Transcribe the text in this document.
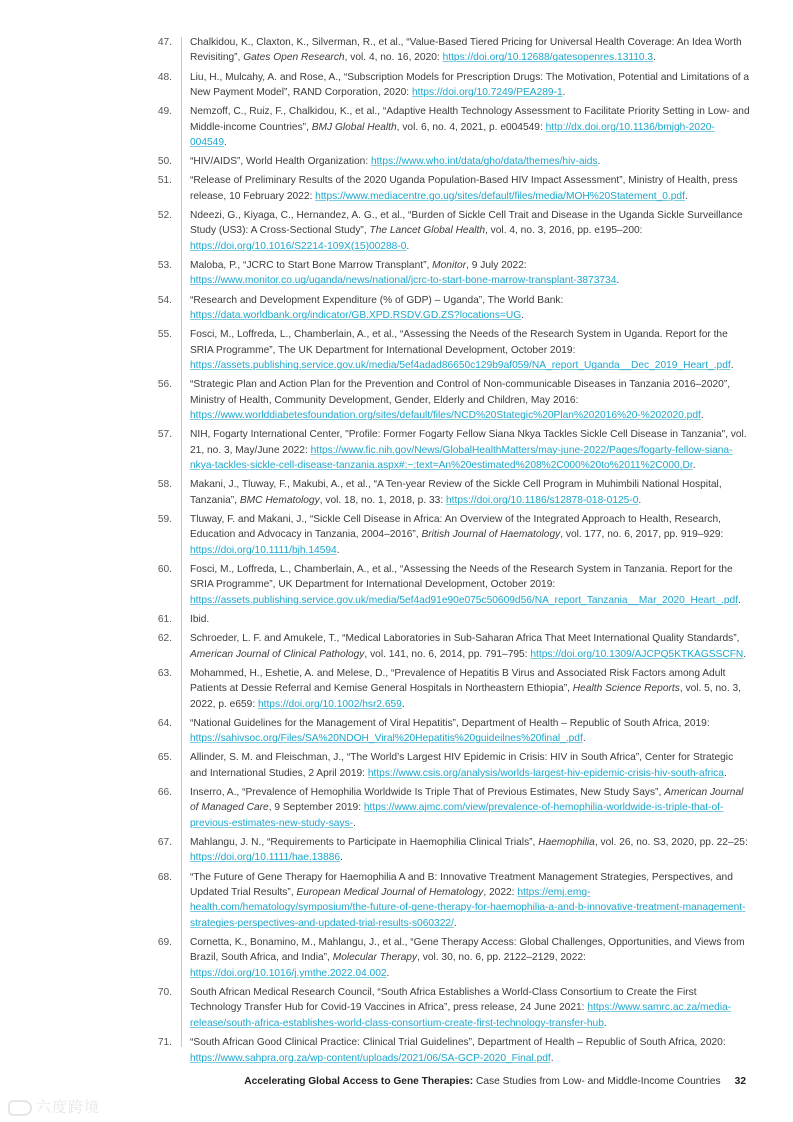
47. Chalkidou, K., Claxton, K., Silverman, R., et al., “Value-Based Tiered Pricing for Universal Health Coverage: An Idea Worth Revisiting”, Gates Open Research, vol. 4, no. 16, 2020: https://doi.org/10.12688/gatesopenres.13110.3.
48. Liu, H., Mulcahy, A. and Rose, A., “Subscription Models for Prescription Drugs: The Motivation, Potential and Limitations of a New Payment Model”, RAND Corporation, 2020: https://doi.org/10.7249/PEA289-1.
49. Nemzoff, C., Ruiz, F., Chalkidou, K., et al., “Adaptive Health Technology Assessment to Facilitate Priority Setting in Low- and Middle-income Countries”, BMJ Global Health, vol. 6, no. 4, 2021, p. e004549: http://dx.doi.org/10.1136/bmjgh-2020-004549.
50. “HIV/AIDS”, World Health Organization: https://www.who.int/data/gho/data/themes/hiv-aids.
51. “Release of Preliminary Results of the 2020 Uganda Population-Based HIV Impact Assessment”, Ministry of Health, press release, 10 February 2022: https://www.mediacentre.go.ug/sites/default/files/media/MOH%20Statement_0.pdf.
52. Ndeezi, G., Kiyaga, C., Hernandez, A. G., et al., “Burden of Sickle Cell Trait and Disease in the Uganda Sickle Surveillance Study (US3): A Cross-Sectional Study”, The Lancet Global Health, vol. 4, no. 3, 2016, pp. e195–200: https://doi.org/10.1016/S2214-109X(15)00288-0.
53. Maloba, P., “JCRC to Start Bone Marrow Transplant”, Monitor, 9 July 2022: https://www.monitor.co.ug/uganda/news/national/jcrc-to-start-bone-marrow-transplant-3873734.
54. “Research and Development Expenditure (% of GDP) – Uganda”, The World Bank: https://data.worldbank.org/indicator/GB.XPD.RSDV.GD.ZS?locations=UG.
55. Fosci, M., Loffreda, L., Chamberlain, A., et al., “Assessing the Needs of the Research System in Uganda. Report for the SRIA Programme”, The UK Department for International Development, October 2019: https://assets.publishing.service.gov.uk/media/5ef4adad86650c129b9af059/NA_report_Uganda__Dec_2019_Heart_.pdf.
56. “Strategic Plan and Action Plan for the Prevention and Control of Non-communicable Diseases in Tanzania 2016–2020”, Ministry of Health, Community Development, Gender, Elderly and Children, May 2016: https://www.worlddiabetesfoundation.org/sites/default/files/NCD%20Stategic%20Plan%202016%20-%202020.pdf.
57. NIH, Fogarty International Center, "Profile: Former Fogarty Fellow Siana Nkya Tackles Sickle Cell Disease in Tanzania", vol. 21, no. 3, May/June 2022: https://www.fic.nih.gov/News/GlobalHealthMatters/may-june-2022/Pages/fogarty-fellow-siana-nkya-tackles-sickle-cell-disease-tanzania.aspx#:~:text=An%20estimated%208%2C000%20to%2011%2C000,Dr.
58. Makani, J., Tluway, F., Makubi, A., et al., “A Ten-year Review of the Sickle Cell Program in Muhimbili National Hospital, Tanzania”, BMC Hematology, vol. 18, no. 1, 2018, p. 33: https://doi.org/10.1186/s12878-018-0125-0.
59. Tluway, F. and Makani, J., “Sickle Cell Disease in Africa: An Overview of the Integrated Approach to Health, Research, Education and Advocacy in Tanzania, 2004–2016”, British Journal of Haematology, vol. 177, no. 6, 2017, pp. 919–929: https://doi.org/10.1111/bjh.14594.
60. Fosci, M., Loffreda, L., Chamberlain, A., et al., “Assessing the Needs of the Research System in Tanzania. Report for the SRIA Programme”, UK Department for International Development, October 2019: https://assets.publishing.service.gov.uk/media/5ef4ad91e90e075c50609d56/NA_report_Tanzania__Mar_2020_Heart_.pdf.
61. Ibid.
62. Schroeder, L. F. and Amukele, T., “Medical Laboratories in Sub-Saharan Africa That Meet International Quality Standards”, American Journal of Clinical Pathology, vol. 141, no. 6, 2014, pp. 791–795: https://doi.org/10.1309/AJCPQ5KTKAGSSCFN.
63. Mohammed, H., Eshetie, A. and Melese, D., “Prevalence of Hepatitis B Virus and Associated Risk Factors among Adult Patients at Dessie Referral and Kemise General Hospitals in Northeastern Ethiopia”, Health Science Reports, vol. 5, no. 3, 2022, p. e659: https://doi.org/10.1002/hsr2.659.
64. “National Guidelines for the Management of Viral Hepatitis”, Department of Health – Republic of South Africa, 2019: https://sahivsoc.org/Files/SA%20NDOH_Viral%20Hepatitis%20guideilnes%20final_.pdf.
65. Allinder, S. M. and Fleischman, J., “The World’s Largest HIV Epidemic in Crisis: HIV in South Africa”, Center for Strategic and International Studies, 2 April 2019: https://www.csis.org/analysis/worlds-largest-hiv-epidemic-crisis-hiv-south-africa.
66. Inserro, A., “Prevalence of Hemophilia Worldwide Is Triple That of Previous Estimates, New Study Says”, American Journal of Managed Care, 9 September 2019: https://www.ajmc.com/view/prevalence-of-hemophilia-worldwide-is-triple-that-of-previous-estimates-new-study-says-.
67. Mahlangu, J. N., “Requirements to Participate in Haemophilia Clinical Trials”, Haemophilia, vol. 26, no. S3, 2020, pp. 22–25: https://doi.org/10.1111/hae.13886.
68. “The Future of Gene Therapy for Haemophilia A and B: Innovative Treatment Management Strategies, Perspectives, and Updated Trial Results”, European Medical Journal of Hematology, 2022: https://emj.emg-health.com/hematology/symposium/the-future-of-gene-therapy-for-haemophilia-a-and-b-innovative-treatment-management-strategies-perspectives-and-updated-trial-results-s060322/.
69. Cornetta, K., Bonamino, M., Mahlangu, J., et al., “Gene Therapy Access: Global Challenges, Opportunities, and Views from Brazil, South Africa, and India”, Molecular Therapy, vol. 30, no. 6, pp. 2122–2129, 2022: https://doi.org/10.1016/j.ymthe.2022.04.002.
70. South African Medical Research Council, “South Africa Establishes a World-Class Consortium to Create the First Technology Transfer Hub for Covid-19 Vaccines in Africa”, press release, 24 June 2021: https://www.samrc.ac.za/media-release/south-africa-establishes-world-class-consortium-create-first-technology-transfer-hub.
71. “South African Good Clinical Practice: Clinical Trial Guidelines”, Department of Health – Republic of South Africa, 2020: https://www.sahpra.org.za/wp-content/uploads/2021/06/SA-GCP-2020_Final.pdf.
Accelerating Global Access to Gene Therapies: Case Studies from Low- and Middle-Income Countries 32
六度跨境
